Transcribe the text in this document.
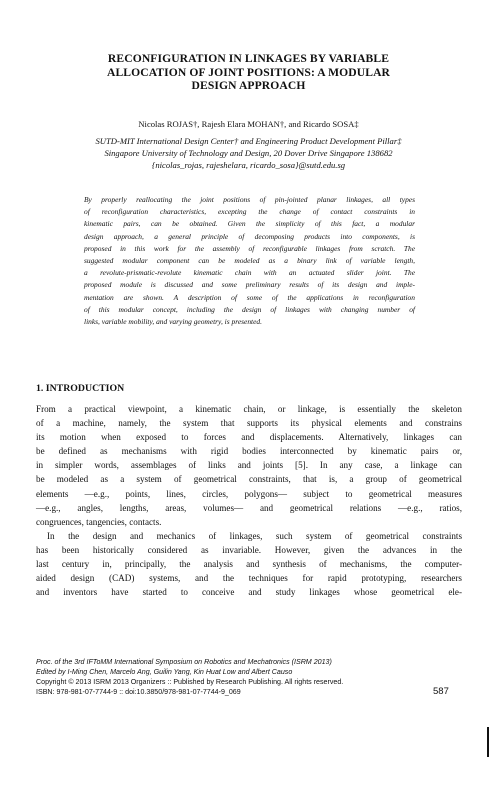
RECONFIGURATION IN LINKAGES BY VARIABLE
ALLOCATION OF JOINT POSITIONS: A MODULAR
DESIGN APPROACH
Nicolas ROJAS†, Rajesh Elara MOHAN†, and Ricardo SOSA‡
SUTD-MIT International Design Center† and Engineering Product Development Pillar‡
Singapore University of Technology and Design, 20 Dover Drive Singapore 138682
{nicolas_rojas, rajeshelara, ricardo_sosa}@sutd.edu.sg
By properly reallocating the joint positions of pin-jointed planar linkages, all types
of reconfiguration characteristics, excepting the change of contact constraints in
kinematic pairs, can be obtained. Given the simplicity of this fact, a modular
design approach, a general principle of decomposing products into components, is
proposed in this work for the assembly of reconfigurable linkages from scratch. The
suggested modular component can be modeled as a binary link of variable length,
a revolute-prismatic-revolute kinematic chain with an actuated slider joint. The
proposed module is discussed and some preliminary results of its design and imple-
mentation are shown. A description of some of the applications in reconfiguration
of this modular concept, including the design of linkages with changing number of
links, variable mobility, and varying geometry, is presented.
1. INTRODUCTION
From a practical viewpoint, a kinematic chain, or linkage, is essentially the skeleton
of a machine, namely, the system that supports its physical elements and constrains
its motion when exposed to forces and displacements. Alternatively, linkages can
be defined as mechanisms with rigid bodies interconnected by kinematic pairs or,
in simpler words, assemblages of links and joints [5]. In any case, a linkage can
be modeled as a system of geometrical constraints, that is, a group of geometrical
elements —e.g., points, lines, circles, polygons— subject to geometrical measures
—e.g., angles, lengths, areas, volumes— and geometrical relations —e.g., ratios,
congruences, tangencies, contacts.
In the design and mechanics of linkages, such system of geometrical constraints
has been historically considered as invariable. However, given the advances in the
last century in, principally, the analysis and synthesis of mechanisms, the computer-
aided design (CAD) systems, and the techniques for rapid prototyping, researchers
and inventors have started to conceive and study linkages whose geometrical ele-
Proc. of the 3rd IFToMM International Symposium on Robotics and Mechatronics (ISRM 2013)
Edited by I-Ming Chen, Marcelo Ang, Guilin Yang, Kin Huat Low and Albert Causo
Copyright © 2013 ISRM 2013 Organizers :: Published by Research Publishing. All rights reserved.
ISBN: 978-981-07-7744-9 :: doi:10.3850/978-981-07-7744-9_069	587
